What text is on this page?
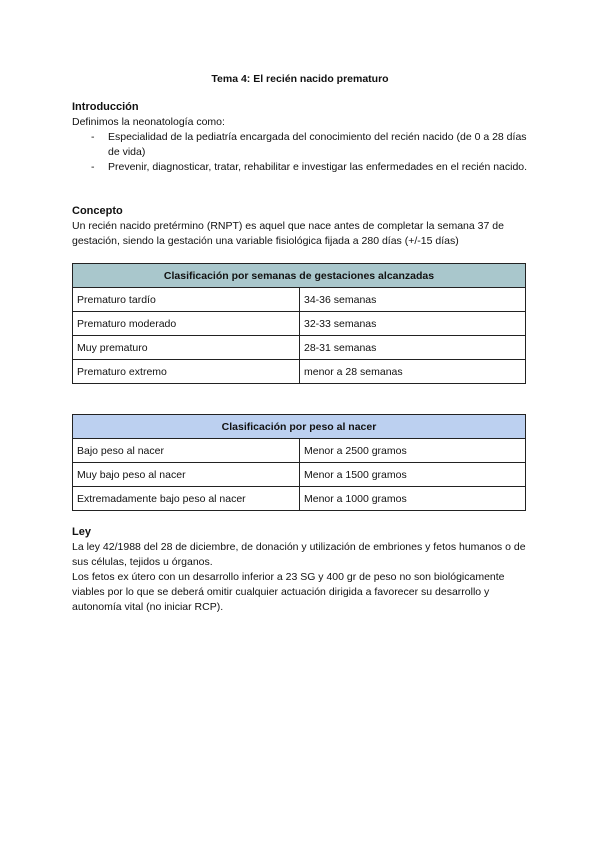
Tema 4: El recién nacido prematuro
Introducción

Definimos la neonatología como:

- Especialidad de la pediatría encargada del conocimiento del recién nacido (de 0 a 28 días de vida)
- Prevenir, diagnosticar, tratar, rehabilitar e investigar las enfermedades en el recién nacido.
Concepto

Un recién nacido pretérmino (RNPT) es aquel que nace antes de completar la semana 37 de gestación, siendo la gestación una variable fisiológica fijada a 280 días (+/-15 días)

Clasificación por semanas de gestaciones alcanzadas	
Prematuro tardío	34-36 semanas
Prematuro moderado	32-33 semanas
Muy prematuro	28-31 semanas
Prematuro extremo	menor a 28 semanas
Clasificación por peso al nacer	
Bajo peso al nacer	Menor a 2500 gramos
Muy bajo peso al nacer	Menor a 1500 gramos
Extremadamente bajo peso al nacer	Menor a 1000 gramos
Ley

La ley 42/1988 del 28 de diciembre, de donación y utilización de embriones y fetos humanos o de sus células, tejidos u órganos.

Los fetos ex útero con un desarrollo inferior a 23 SG y 400 gr de peso no son biológicamente viables por lo que se deberá omitir cualquier actuación dirigida a favorecer su desarrollo y autonomía vital (no iniciar RCP).
